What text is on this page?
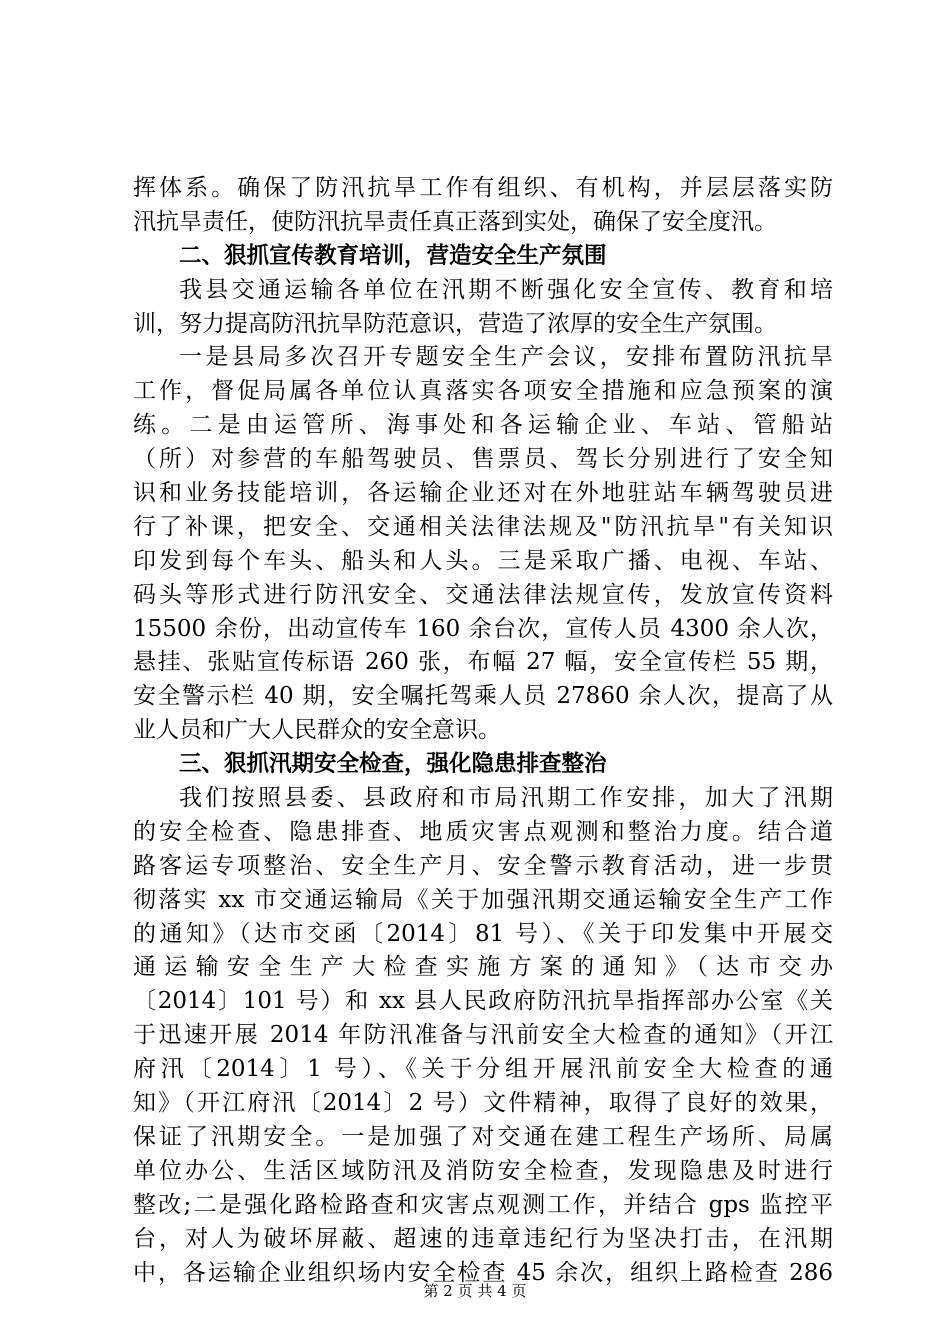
挥体系。确保了防汛抗旱工作有组织、有机构，并层层落实防
汛抗旱责任，使防汛抗旱责任真正落到实处，确保了安全度汛。
二、狠抓宣传教育培训，营造安全生产氛围
我县交通运输各单位在汛期不断强化安全宣传、教育和培
训，努力提高防汛抗旱防范意识，营造了浓厚的安全生产氛围。
一是县局多次召开专题安全生产会议，安排布置防汛抗旱
工作，督促局属各单位认真落实各项安全措施和应急预案的演
练。二是由运管所、海事处和各运输企业、车站、管船站
（所）对参营的车船驾驶员、售票员、驾长分别进行了安全知
识和业务技能培训，各运输企业还对在外地驻站车辆驾驶员进
行了补课，把安全、交通相关法律法规及"防汛抗旱"有关知识
印发到每个车头、船头和人头。三是采取广播、电视、车站、
码头等形式进行防汛安全、交通法律法规宣传，发放宣传资料
15500 余份，出动宣传车 160 余台次，宣传人员 4300 余人次，
悬挂、张贴宣传标语 260 张，布幅 27 幅，安全宣传栏 55 期，
安全警示栏 40 期，安全嘱托驾乘人员 27860 余人次，提高了从
业人员和广大人民群众的安全意识。
三、狠抓汛期安全检查，强化隐患排查整治
我们按照县委、县政府和市局汛期工作安排，加大了汛期
的安全检查、隐患排查、地质灾害点观测和整治力度。结合道
路客运专项整治、安全生产月、安全警示教育活动，进一步贯
彻落实 xx 市交通运输局《关于加强汛期交通运输安全生产工作
的通知》（达市交函〔2014〕81 号）、《关于印发集中开展交
通运输安全生产大检查实施方案的通知》（达市交办
〔2014〕101 号）和 xx 县人民政府防汛抗旱指挥部办公室《关
于迅速开展 2014 年防汛准备与汛前安全大检查的通知》（开江
府汛〔2014〕1 号）、《关于分组开展汛前安全大检查的通
知》（开江府汛〔2014〕2 号）文件精神，取得了良好的效果，
保证了汛期安全。一是加强了对交通在建工程生产场所、局属
单位办公、生活区域防汛及消防安全检查，发现隐患及时进行
整改;二是强化路检路查和灾害点观测工作，并结合 gps 监控平
台，对人为破坏屏蔽、超速的违章违纪行为坚决打击，在汛期
中，各运输企业组织场内安全检查 45 余次，组织上路检查 286
第 2 页 共 4 页
